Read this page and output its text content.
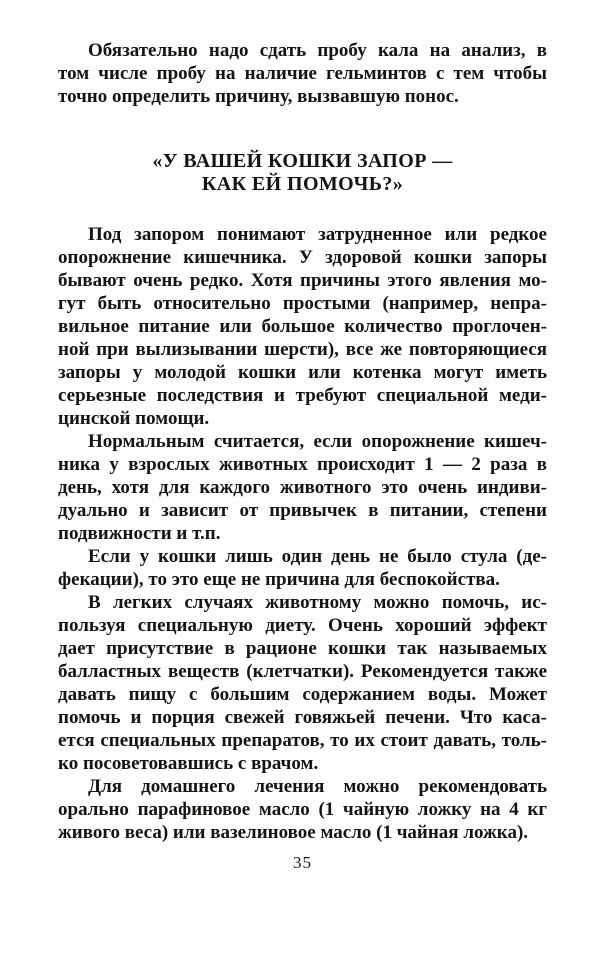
Обязательно надо сдать пробу кала на анализ, в
том числе пробу на наличие гельминтов с тем чтобы
точно определить причину, вызвавшую понос.
«У ВАШЕЙ КОШКИ ЗАПОР —
КАК ЕЙ ПОМОЧЬ?»
Под запором понимают затрудненное или редкое
опорожнение кишечника. У здоровой кошки запоры
бывают очень редко. Хотя причины этого явления мо-
гут быть относительно простыми (например, непра-
вильное питание или большое количество проглочен-
ной при вылизывании шерсти), все же повторяющиеся
запоры у молодой кошки или котенка могут иметь
серьезные последствия и требуют специальной меди-
цинской помощи.
Нормальным считается, если опорожнение кишеч-
ника у взрослых животных происходит 1 — 2 раза в
день, хотя для каждого животного это очень индиви-
дуально и зависит от привычек в питании, степени
подвижности и т.п.
Если у кошки лишь один день не было стула (де-
фекации), то это еще не причина для беспокойства.
В легких случаях животному можно помочь, ис-
пользуя специальную диету. Очень хороший эффект
дает присутствие в рационе кошки так называемых
балластных веществ (клетчатки). Рекомендуется также
давать пищу с большим содержанием воды. Может
помочь и порция свежей говяжьей печени. Что каса-
ется специальных препаратов, то их стоит давать, толь-
ко посоветовавшись с врачом.
Для домашнего лечения можно рекомендовать
орально парафиновое масло (1 чайную ложку на 4 кг
живого веса) или вазелиновое масло (1 чайная ложка).
35
